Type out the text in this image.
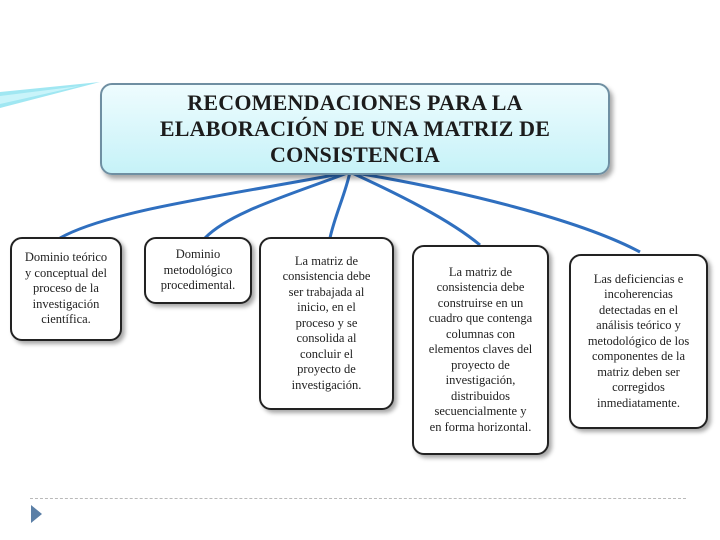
RECOMENDACIONES PARA LA
ELABORACIÓN DE UNA MATRIZ DE
CONSISTENCIA
Dominio teórico
y conceptual del
proceso de la
investigación
científica.
Dominio
metodológico
procedimental.
La matriz de
consistencia debe
ser trabajada al
inicio, en el
proceso y se
consolida al
concluir el
proyecto de
investigación.
La matriz de
consistencia debe
construirse en un
cuadro que contenga
columnas con
elementos claves del
proyecto de
investigación,
distribuidos
secuencialmente y
en forma horizontal.
Las deficiencias e
incoherencias
detectadas en el
análisis teórico y
metodológico de los
componentes de la
matriz deben ser
corregidos
inmediatamente.
